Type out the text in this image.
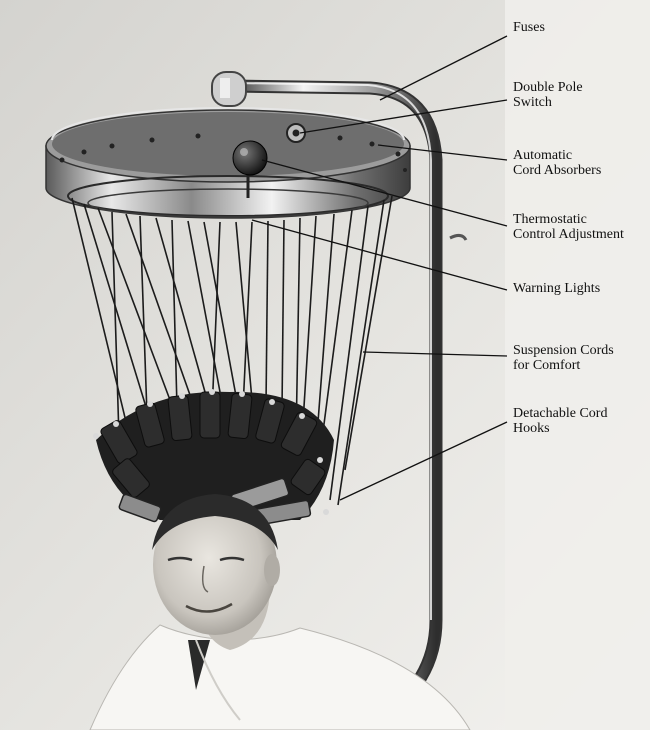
Fuses
Double Pole
Switch
Automatic
Cord Absorbers
Thermostatic
Control Adjustment
Warning Lights
Suspension Cords
for Comfort
Detachable Cord
Hooks
